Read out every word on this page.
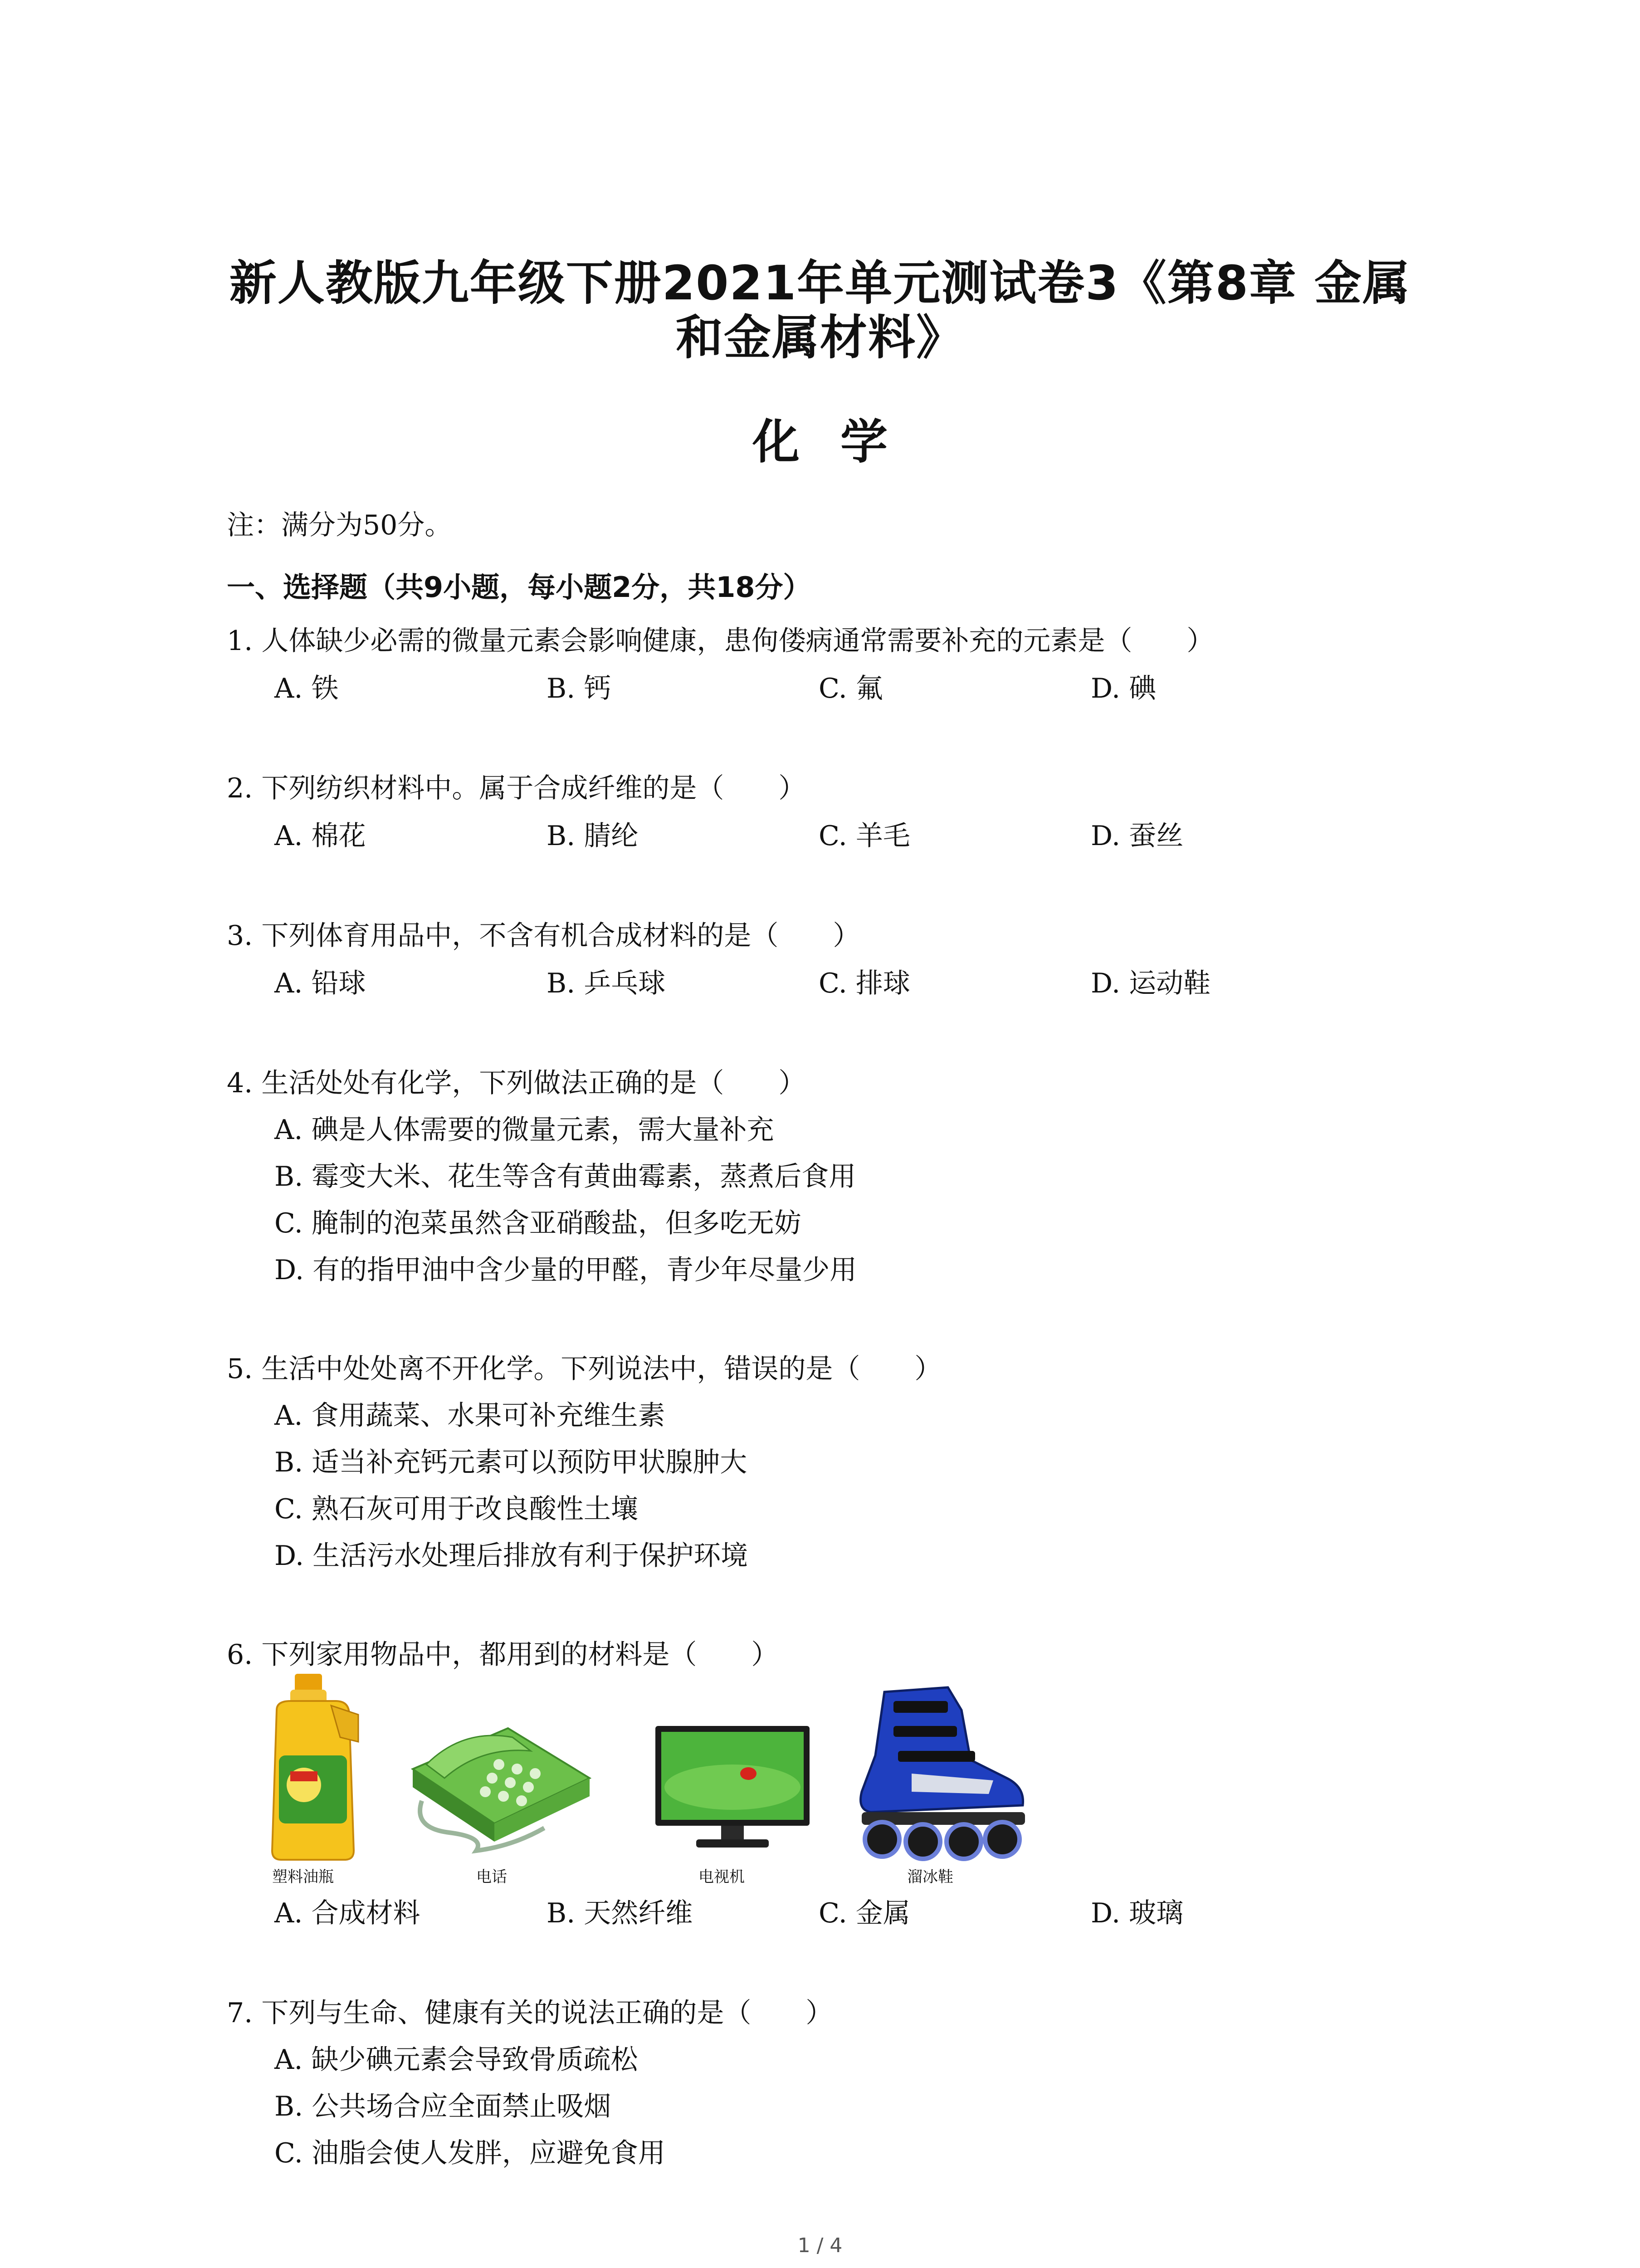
新人教版九年级下册2021年单元测试卷3《第8章 金属
和金属材料》
化学
注：满分为50分。
一、选择题（共9小题，每小题2分，共18分）
1. 人体缺少必需的微量元素会影响健康，患佝偻病通常需要补充的元素是（　　）
A. 铁	B. 钙	C. 氟	D. 碘
2. 下列纺织材料中。属于合成纤维的是（　　）
A. 棉花	B. 腈纶	C. 羊毛	D. 蚕丝
3. 下列体育用品中，不含有机合成材料的是（　　）
A. 铅球	B. 乒乓球	C. 排球	D. 运动鞋
4. 生活处处有化学，下列做法正确的是（　　）
A. 碘是人体需要的微量元素，需大量补充
B. 霉变大米、花生等含有黄曲霉素，蒸煮后食用
C. 腌制的泡菜虽然含亚硝酸盐，但多吃无妨
D. 有的指甲油中含少量的甲醛，青少年尽量少用
5. 生活中处处离不开化学。下列说法中，错误的是（　　）
A. 食用蔬菜、水果可补充维生素
B. 适当补充钙元素可以预防甲状腺肿大
C. 熟石灰可用于改良酸性土壤
D. 生活污水处理后排放有利于保护环境
6. 下列家用物品中，都用到的材料是（　　）
塑料油瓶	电话	电视机	溜冰鞋
A. 合成材料	B. 天然纤维	C. 金属	D. 玻璃
7. 下列与生命、健康有关的说法正确的是（　　）
A. 缺少碘元素会导致骨质疏松
B. 公共场合应全面禁止吸烟
C. 油脂会使人发胖，应避免食用
1 / 4
